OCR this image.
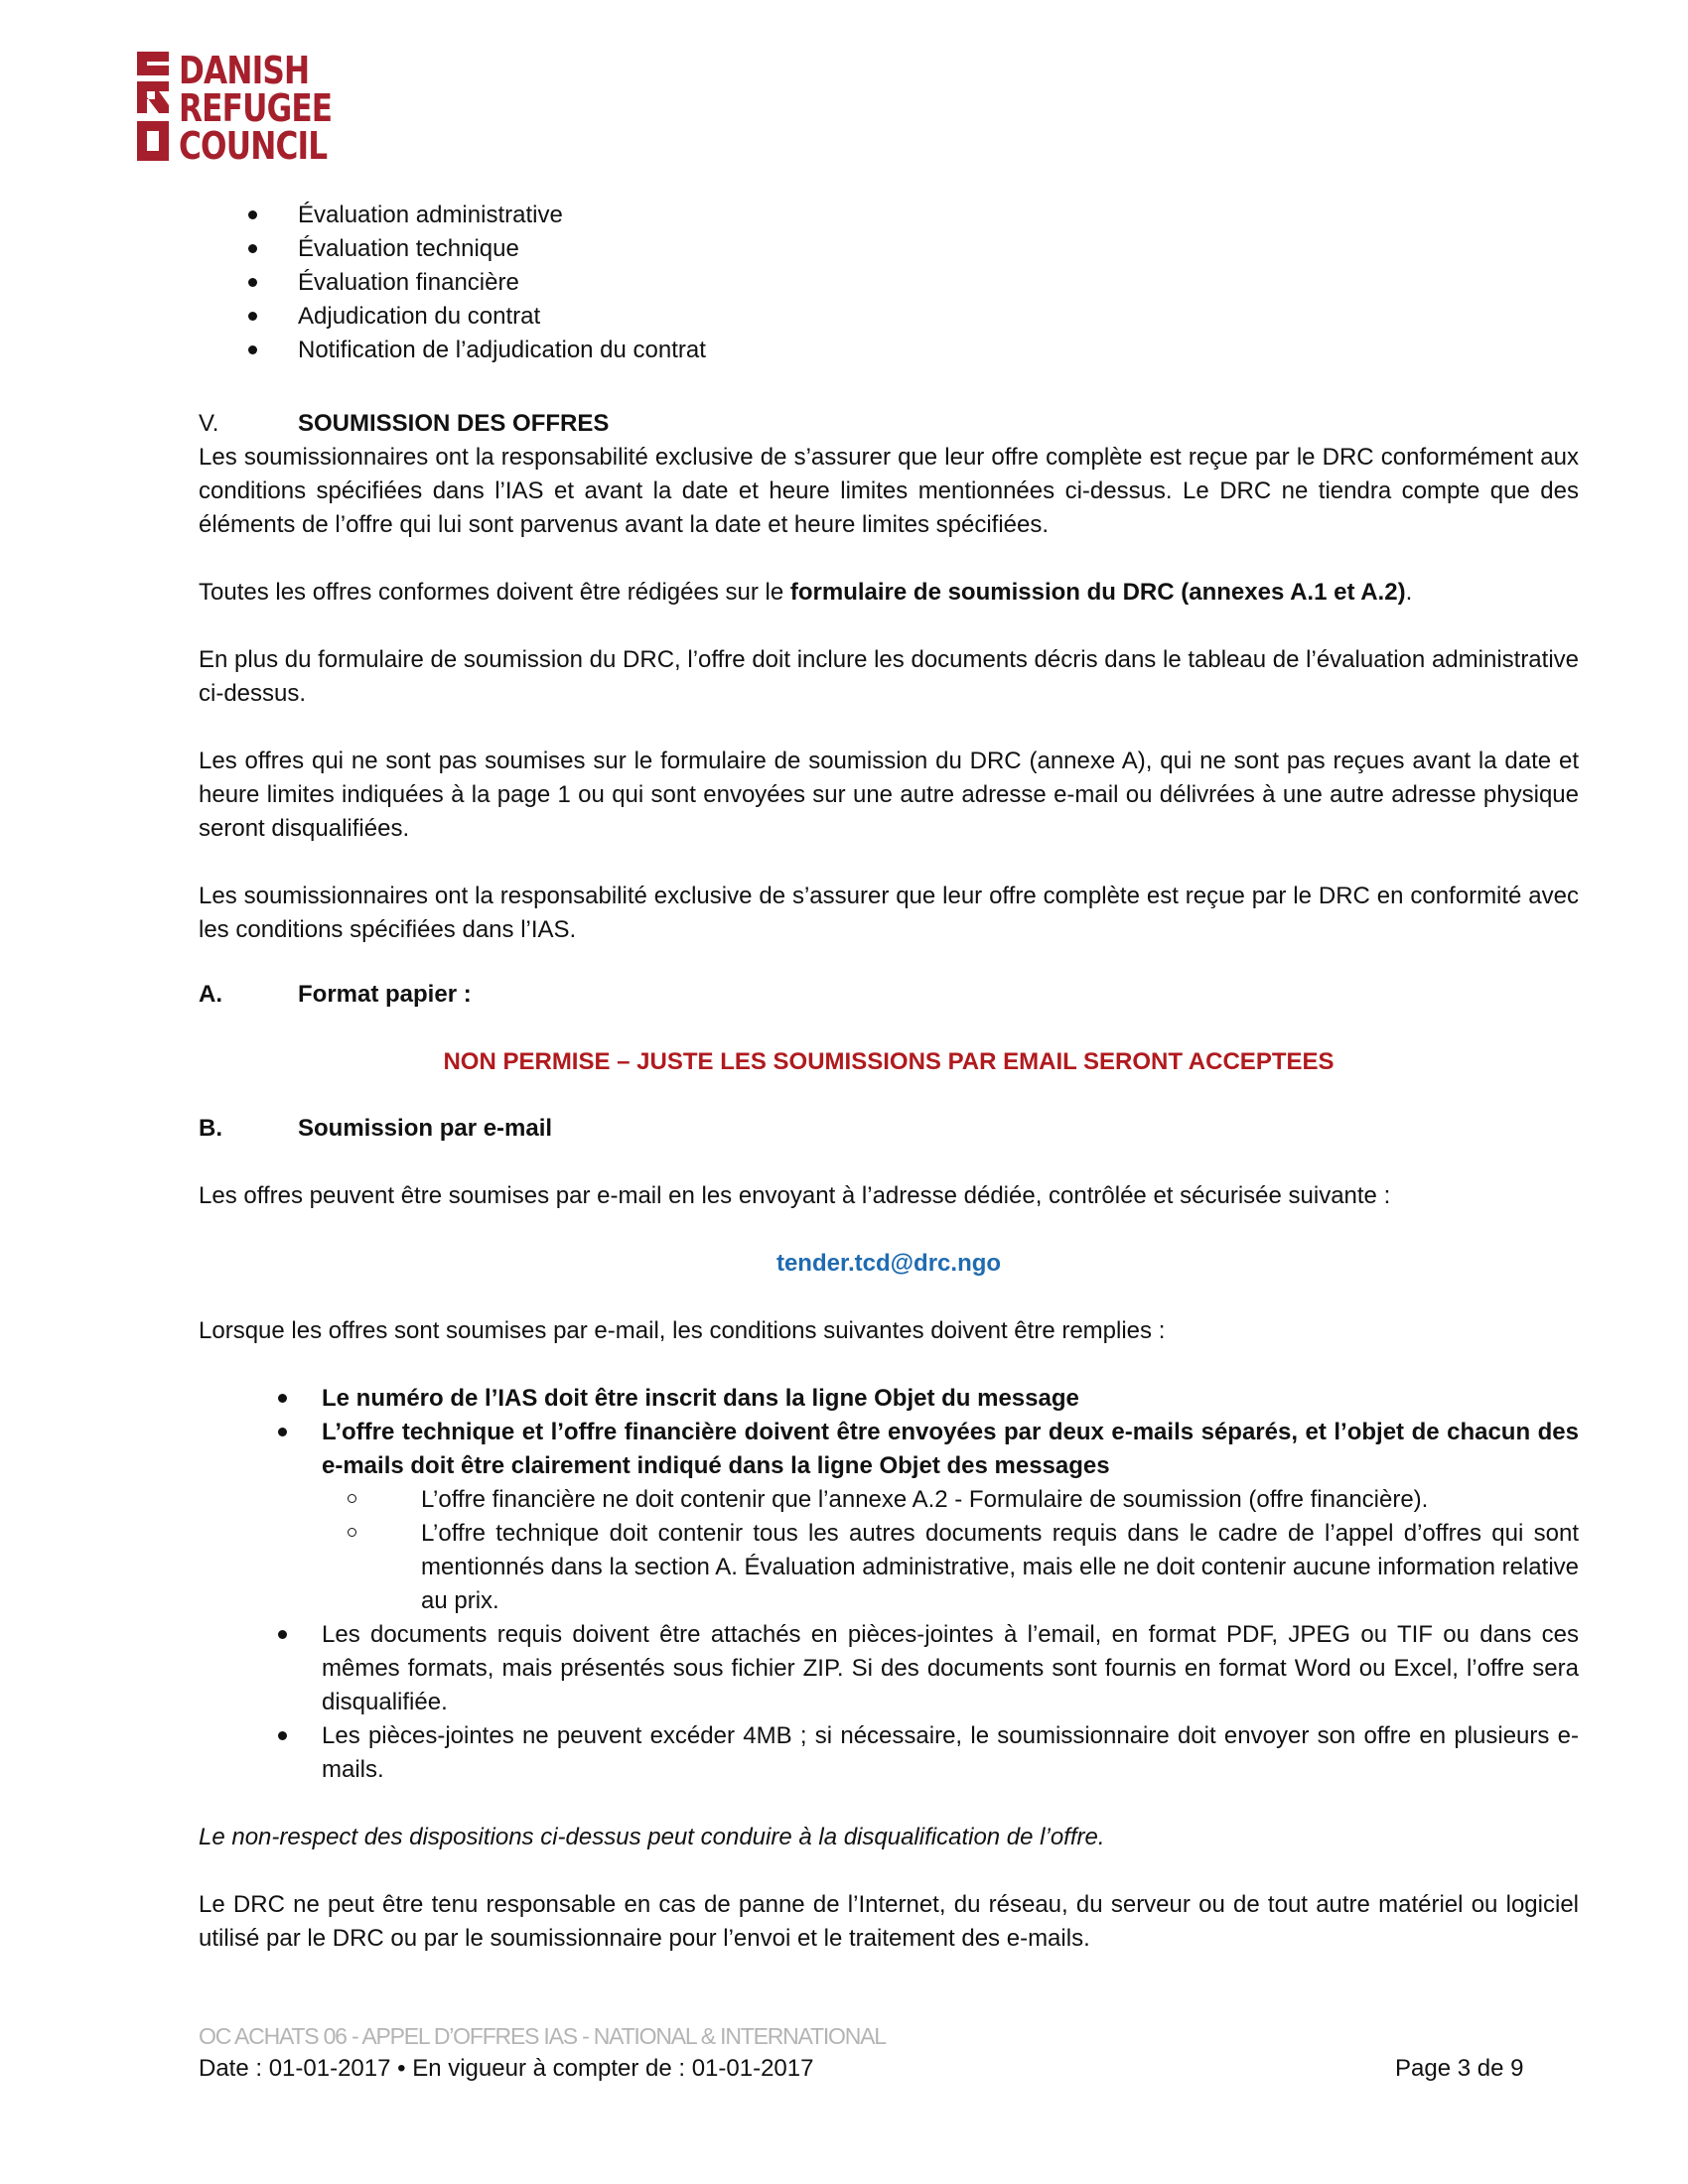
DANISH
REFUGEE
COUNCIL
Évaluation administrative
Évaluation technique
Évaluation financière
Adjudication du contrat
Notification de l’adjudication du contrat
V.	SOUMISSION DES OFFRES

Les soumissionnaires ont la responsabilité exclusive de s’assurer que leur offre complète est reçue par le DRC conformément aux conditions spécifiées dans l’IAS et avant la date et heure limites mentionnées ci-dessus. Le DRC ne tiendra compte que des éléments de l’offre qui lui sont parvenus avant la date et heure limites spécifiées.

Toutes les offres conformes doivent être rédigées sur le formulaire de soumission du DRC (annexes A.1 et A.2).

En plus du formulaire de soumission du DRC, l’offre doit inclure les documents décris dans le tableau de l’évaluation administrative ci-dessus.

Les offres qui ne sont pas soumises sur le formulaire de soumission du DRC (annexe A), qui ne sont pas reçues avant la date et heure limites indiquées à la page 1 ou qui sont envoyées sur une autre adresse e-mail ou délivrées à une autre adresse physique seront disqualifiées.

Les soumissionnaires ont la responsabilité exclusive de s’assurer que leur offre complète est reçue par le DRC en conformité avec les conditions spécifiées dans l’IAS.

A.	Format papier :

NON PERMISE – JUSTE LES SOUMISSIONS PAR EMAIL SERONT ACCEPTEES

B.	Soumission par e-mail

Les offres peuvent être soumises par e-mail en les envoyant à l’adresse dédiée, contrôlée et sécurisée suivante :

tender.tcd@drc.ngo

Lorsque les offres sont soumises par e-mail, les conditions suivantes doivent être remplies :

Le numéro de l’IAS doit être inscrit dans la ligne Objet du message
L’offre technique et l’offre financière doivent être envoyées par deux e-mails séparés, et l’objet de chacun des e-mails doit être clairement indiqué dans la ligne Objet des messages
L’offre financière ne doit contenir que l’annexe A.2 - Formulaire de soumission (offre financière).
L’offre technique doit contenir tous les autres documents requis dans le cadre de l’appel d’offres qui sont mentionnés dans la section A. Évaluation administrative, mais elle ne doit contenir aucune information relative au prix.
Les documents requis doivent être attachés en pièces-jointes à l’email, en format PDF, JPEG ou TIF ou dans ces mêmes formats, mais présentés sous fichier ZIP. Si des documents sont fournis en format Word ou Excel, l’offre sera disqualifiée.
Les pièces-jointes ne peuvent excéder 4MB ; si nécessaire, le soumissionnaire doit envoyer son offre en plusieurs e-mails.

Le non-respect des dispositions ci-dessus peut conduire à la disqualification de l’offre.

Le DRC ne peut être tenu responsable en cas de panne de l’Internet, du réseau, du serveur ou de tout autre matériel ou logiciel utilisé par le DRC ou par le soumissionnaire pour l’envoi et le traitement des e-mails.

OC ACHATS 06 - APPEL D’OFFRES IAS - NATIONAL & INTERNATIONAL
Date : 01-01-2017 • En vigueur à compter de : 01-01-2017	Page 3 de 9
